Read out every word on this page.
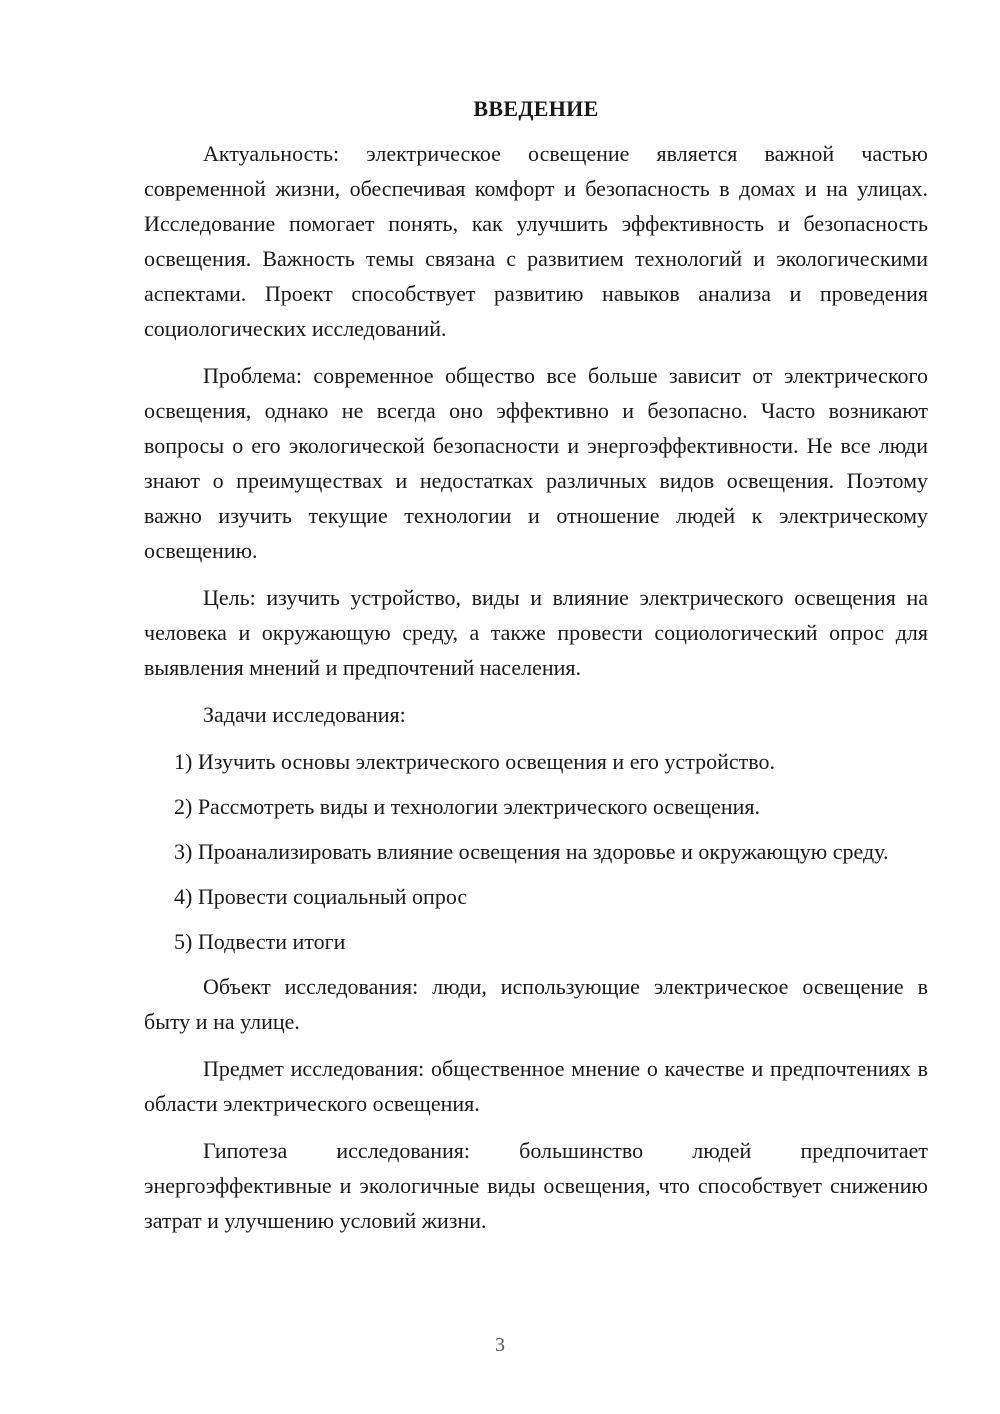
ВВЕДЕНИЕ

Актуальность: электрическое освещение является важной частью современной жизни, обеспечивая комфорт и безопасность в домах и на улицах. Исследование помогает понять, как улучшить эффективность и безопасность освещения. Важность темы связана с развитием технологий и экологическими аспектами. Проект способствует развитию навыков анализа и проведения социологических исследований.

Проблема: современное общество все больше зависит от электрического освещения, однако не всегда оно эффективно и безопасно. Часто возникают вопросы о его экологической безопасности и энергоэффективности. Не все люди знают о преимуществах и недостатках различных видов освещения. Поэтому важно изучить текущие технологии и отношение людей к электрическому освещению.

Цель: изучить устройство, виды и влияние электрического освещения на человека и окружающую среду, а также провести социологический опрос для выявления мнений и предпочтений населения.

Задачи исследования:

1) Изучить основы электрического освещения и его устройство.

2) Рассмотреть виды и технологии электрического освещения.

3) Проанализировать влияние освещения на здоровье и окружающую среду.

4) Провести социальный опрос

5) Подвести итоги

Объект исследования: люди, использующие электрическое освещение в быту и на улице.

Предмет исследования: общественное мнение о качестве и предпочтениях в области электрического освещения.

Гипотеза исследования: большинство людей предпочитает энергоэффективные и экологичные виды освещения, что способствует снижению затрат и улучшению условий жизни.

3
